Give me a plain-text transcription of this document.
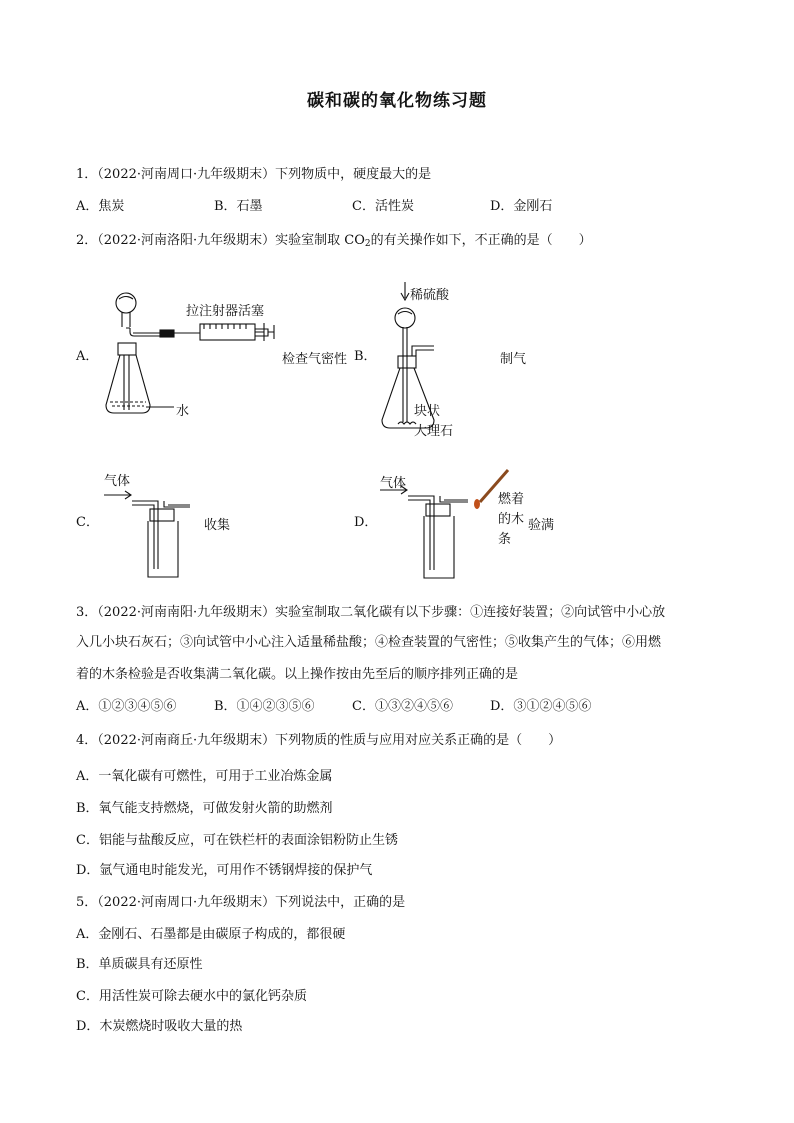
碳和碳的氧化物练习题
1．（2022·河南周口·九年级期末）下列物质中，硬度最大的是
A．焦炭	B．石墨	C．活性炭	D．金刚石
2．（2022·河南洛阳·九年级期末）实验室制取 $CO_2$的有关操作如下，不正确的是（　　）
A．
拉注射器活塞
水
检查气密性 B．
稀硫酸
块状
大理石
制气
C．
气体
收集	D．
气体
燃着
的木
条
验满
3．（2022·河南南阳·九年级期末）实验室制取二氧化碳有以下步骤：①连接好装置；②向试管中小心放
入几小块石灰石；③向试管中小心注入适量稀盐酸；④检查装置的气密性；⑤收集产生的气体；⑥用燃
着的木条检验是否收集满二氧化碳。以上操作按由先至后的顺序排列正确的是
A．①②③④⑤⑥	B．①④②③⑤⑥	C．①③②④⑤⑥	D．③①②④⑤⑥
4．（2022·河南商丘·九年级期末）下列物质的性质与应用对应关系正确的是（　　）
A．一氧化碳有可燃性，可用于工业冶炼金属
B．氧气能支持燃烧，可做发射火箭的助燃剂
C．铝能与盐酸反应，可在铁栏杆的表面涂铝粉防止生锈
D．氩气通电时能发光，可用作不锈钢焊接的保护气
5．（2022·河南周口·九年级期末）下列说法中，正确的是
A．金刚石、石墨都是由碳原子构成的，都很硬
B．单质碳具有还原性
C．用活性炭可除去硬水中的氯化钙杂质
D．木炭燃烧时吸收大量的热
